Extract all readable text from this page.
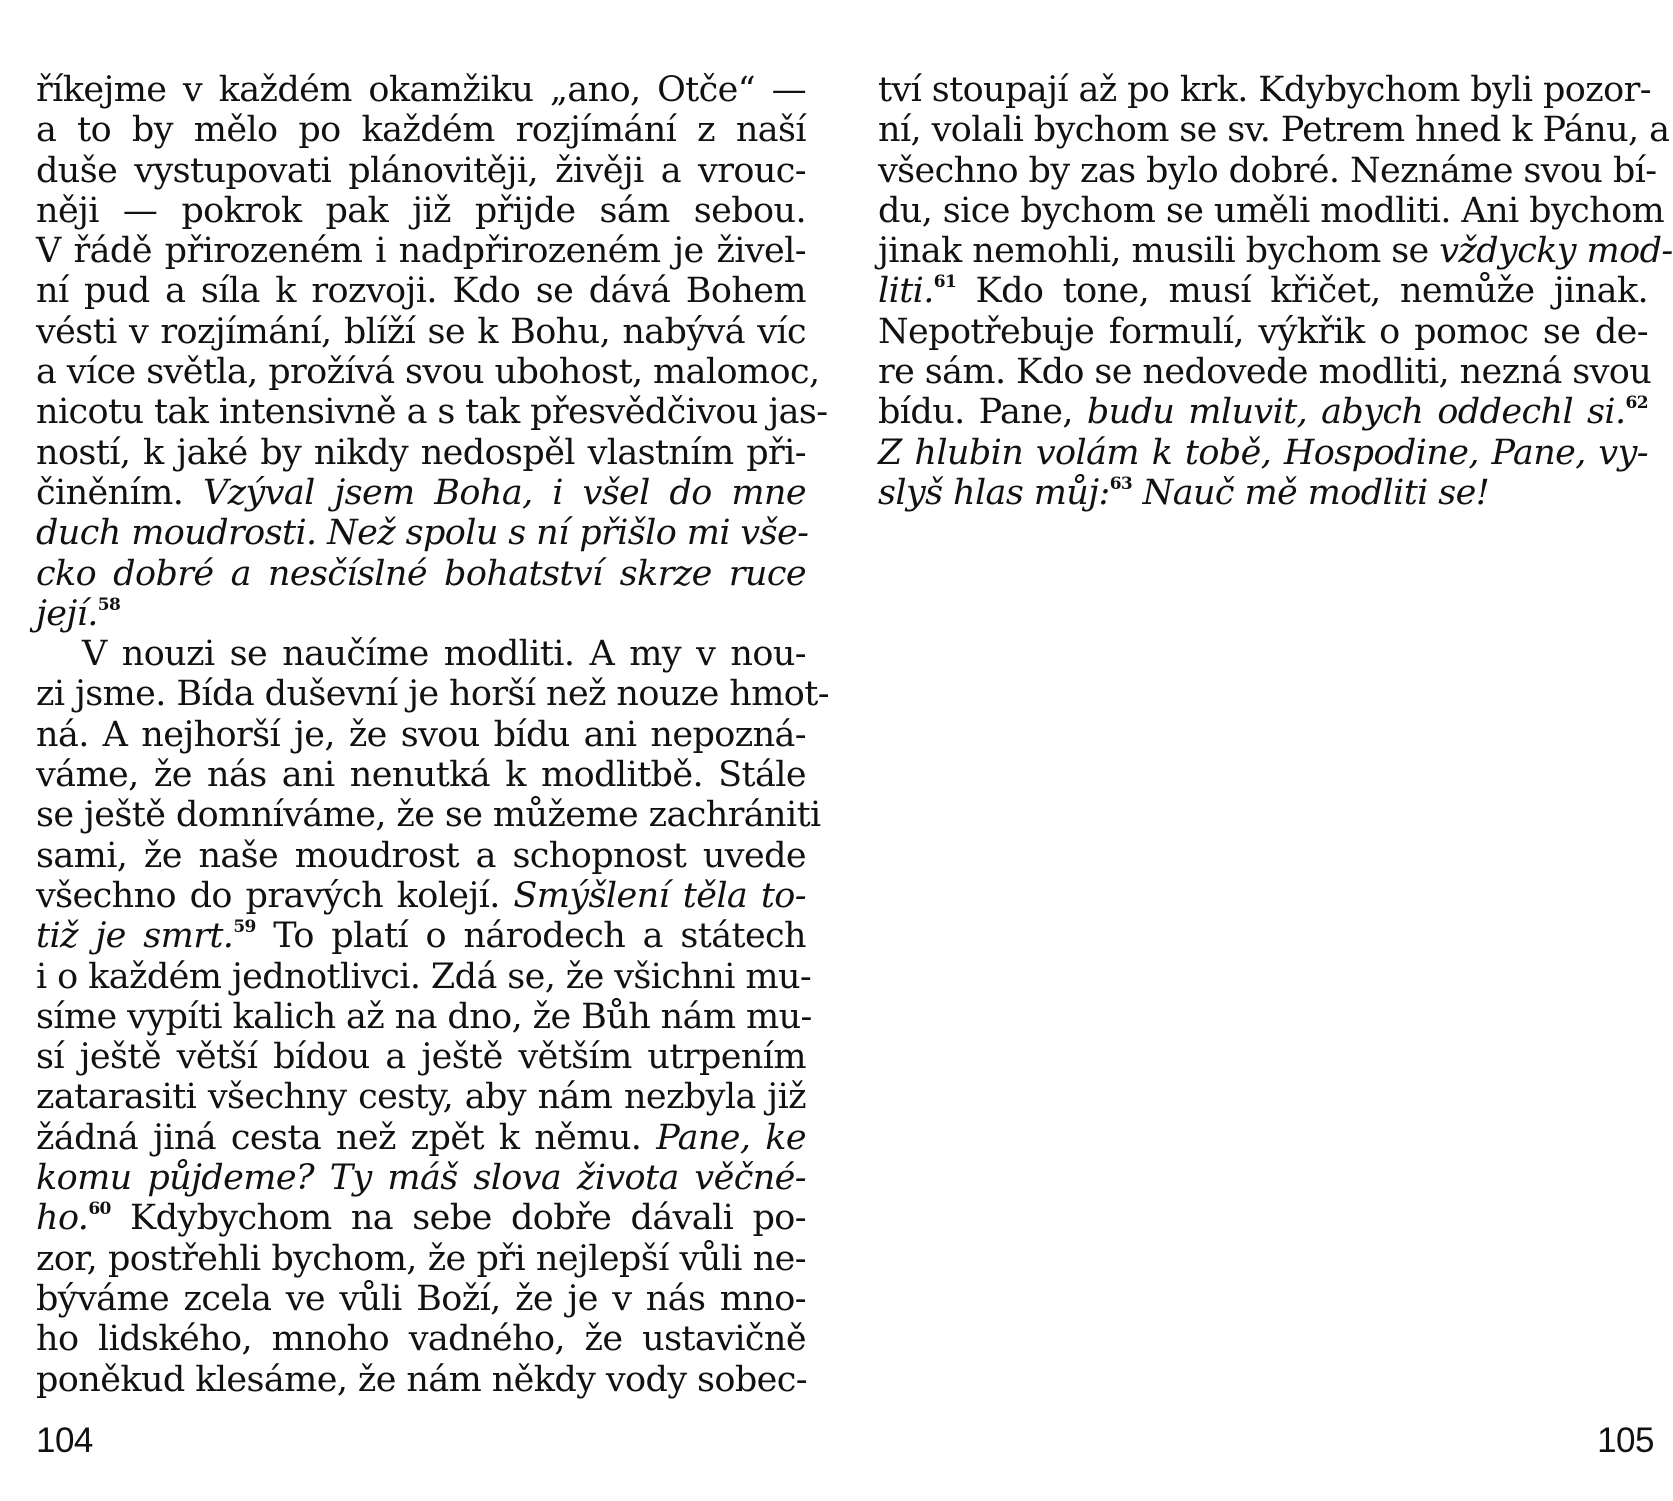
říkejme v každém okamžiku „ano, Otče“ —
a to by mělo po každém rozjímání z naší
duše vystupovati plánovitěji, živěji a vrouc-
něji — pokrok pak již přijde sám sebou.
V řádě přirozeném i nadpřirozeném je živel-
ní pud a síla k rozvoji. Kdo se dává Bohem
vésti v rozjímání, blíží se k Bohu, nabývá víc
a více světla, prožívá svou ubohost, malomoc,
nicotu tak intensivně a s tak přesvědčivou jas-
ností, k jaké by nikdy nedospěl vlastním při-
činěním. Vzýval jsem Boha, i všel do mne
duch moudrosti. Než spolu s ní přišlo mi vše-
cko dobré a nesčíslné bohatství skrze ruce
její.$^{58}$
V nouzi se naučíme modliti. A my v nou-
zi jsme. Bída duševní je horší než nouze hmot-
ná. A nejhorší je, že svou bídu ani nepozná-
váme, že nás ani nenutká k modlitbě. Stále
se ještě domníváme, že se můžeme zachrániti
sami, že naše moudrost a schopnost uvede
všechno do pravých kolejí. Smýšlení těla to-
tiž je smrt.$^{59}$ To platí o národech a státech
i o každém jednotlivci. Zdá se, že všichni mu-
síme vypíti kalich až na dno, že Bůh nám mu-
sí ještě větší bídou a ještě větším utrpením
zatarasiti všechny cesty, aby nám nezbyla již
žádná jiná cesta než zpět k němu. Pane, ke
komu půjdeme? Ty máš slova života věčné-
ho.$^{60}$ Kdybychom na sebe dobře dávali po-
zor, postřehli bychom, že při nejlepší vůli ne-
býváme zcela ve vůli Boží, že je v nás mno-
ho lidského, mnoho vadného, že ustavičně
poněkud klesáme, že nám někdy vody sobec-
104
tví stoupají až po krk. Kdybychom byli pozor-
ní, volali bychom se sv. Petrem hned k Pánu, a
všechno by zas bylo dobré. Neznáme svou bí-
du, sice bychom se uměli modliti. Ani bychom
jinak nemohli, musili bychom se vždycky mod-
liti.$^{61}$ Kdo tone, musí křičet, nemůže jinak.
Nepotřebuje formulí, výkřik o pomoc se de-
re sám. Kdo se nedovede modliti, nezná svou
bídu. Pane, budu mluvit, abych oddechl si.$^{62}$
Z hlubin volám k tobě, Hospodine, Pane, vy-
slyš hlas můj:$^{63}$ Nauč mě modliti se!
105
